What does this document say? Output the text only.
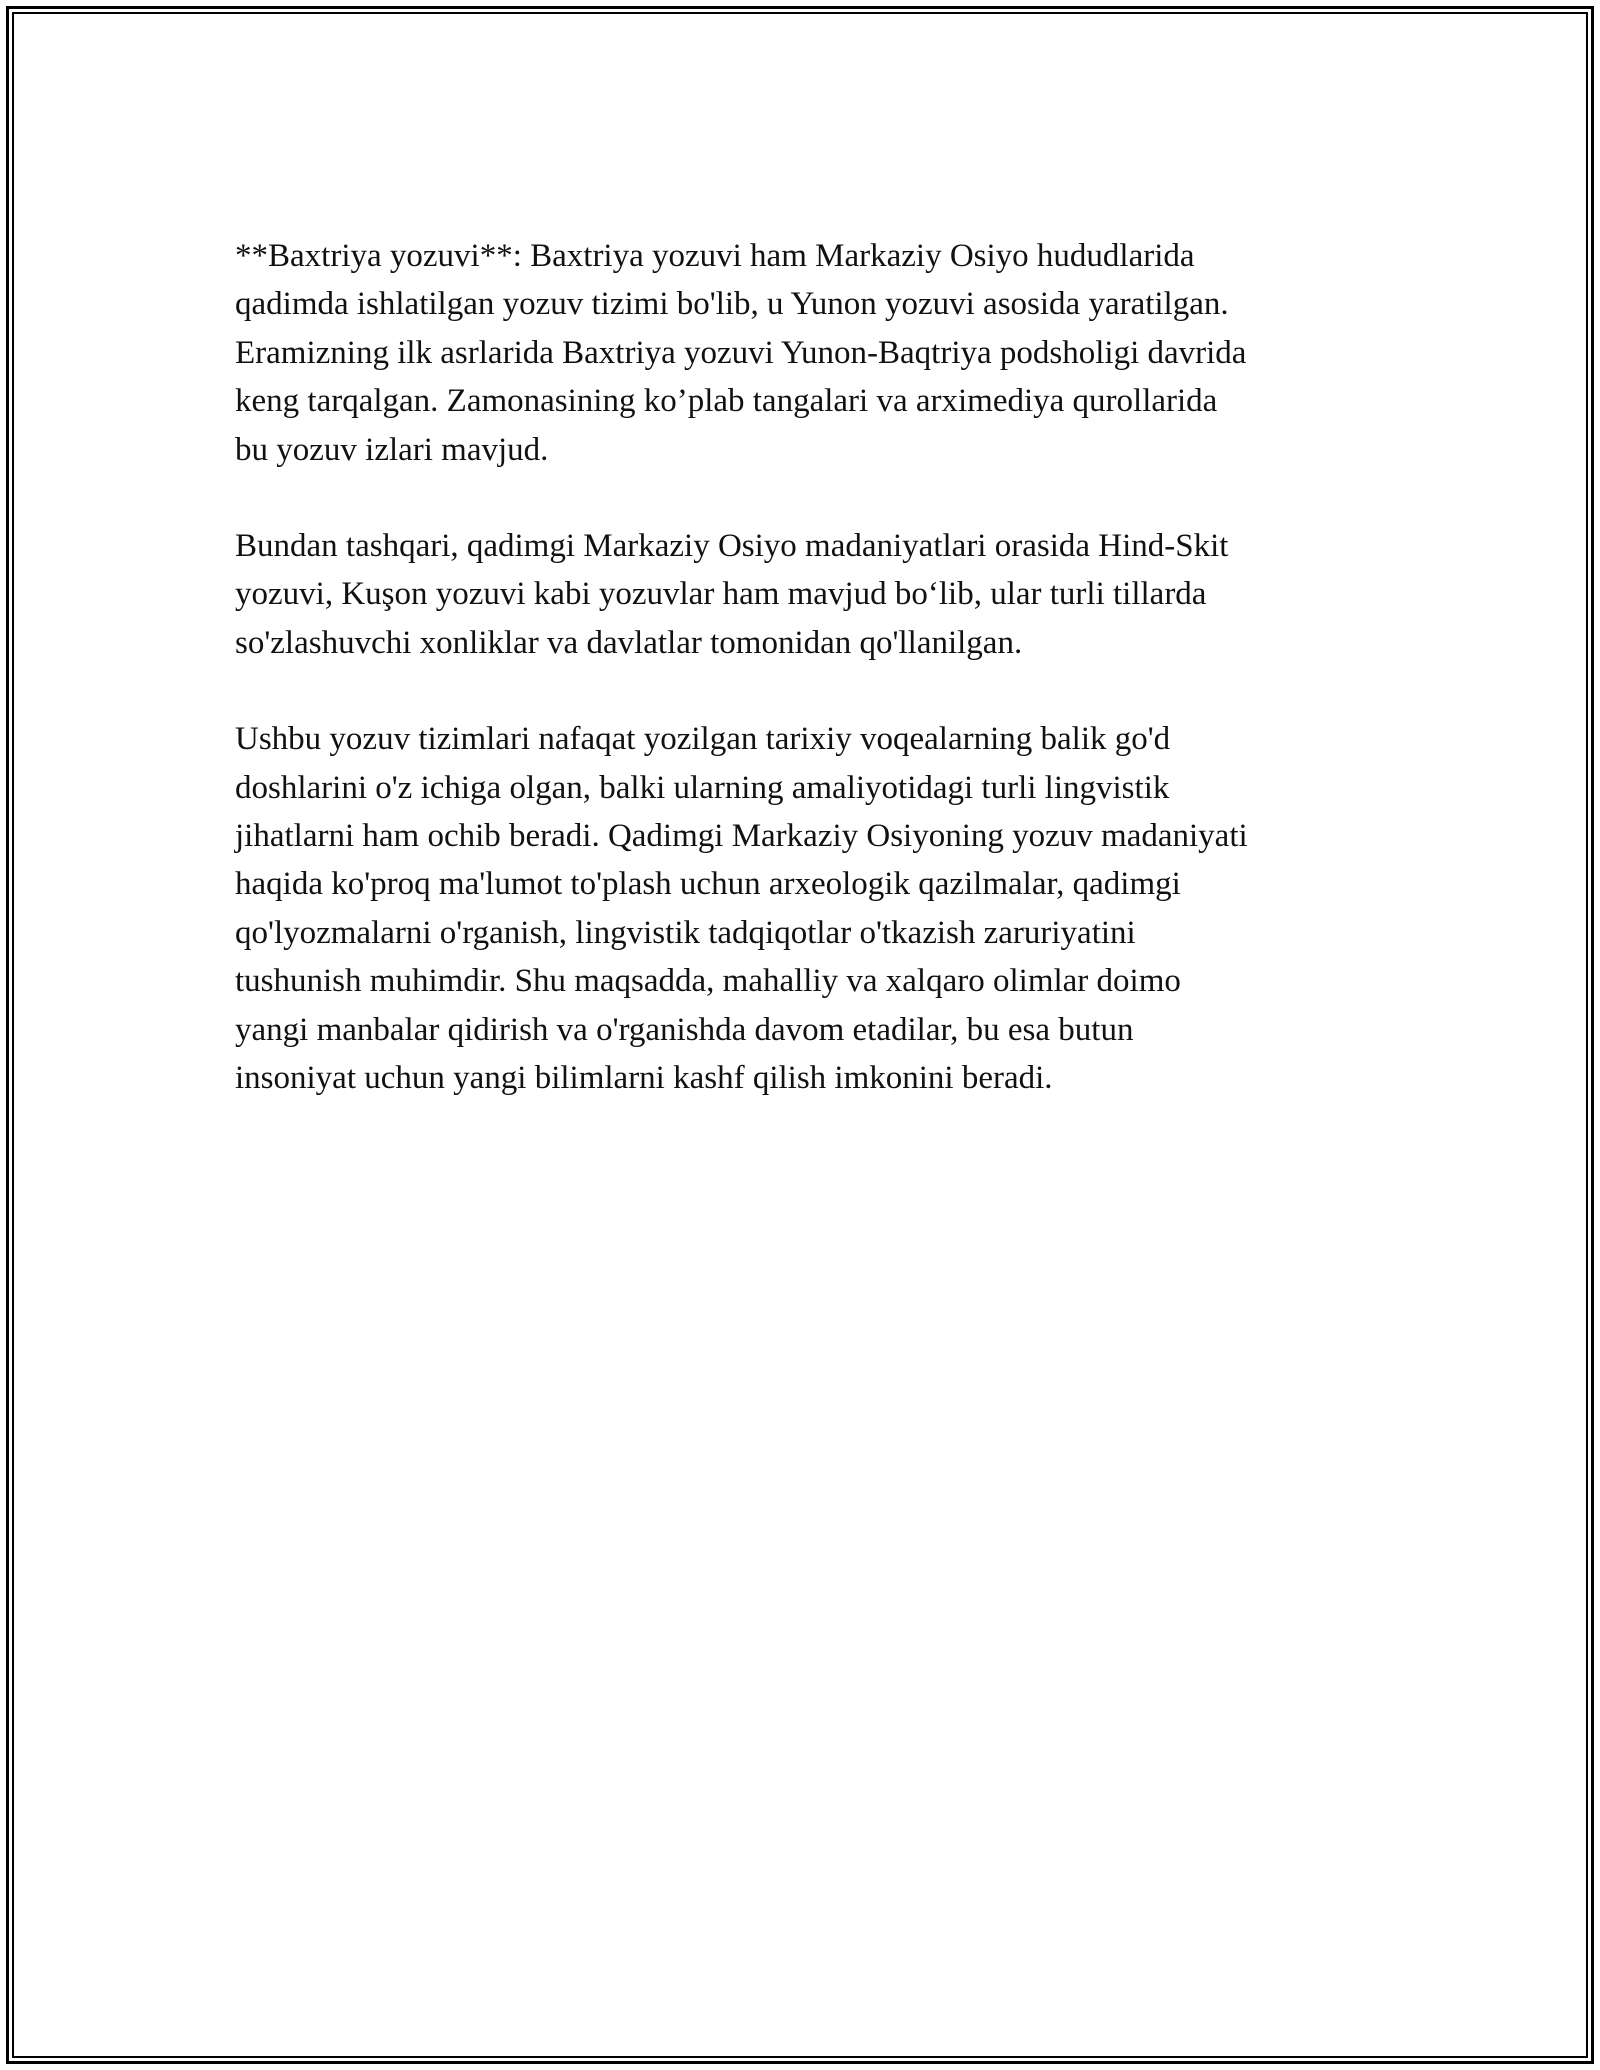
**Baxtriya yozuvi**: Baxtriya yozuvi ham Markaziy Osiyo hududlarida
qadimda ishlatilgan yozuv tizimi bo'lib, u Yunon yozuvi asosida yaratilgan.
Eramizning ilk asrlarida Baxtriya yozuvi Yunon-Baqtriya podsholigi davrida
keng tarqalgan. Zamonasining ko’plab tangalari va arximediya qurollarida
bu yozuv izlari mavjud.

Bundan tashqari, qadimgi Markaziy Osiyo madaniyatlari orasida Hind-Skit
yozuvi, Kuşon yozuvi kabi yozuvlar ham mavjud bo‘lib, ular turli tillarda
so'zlashuvchi xonliklar va davlatlar tomonidan qo'llanilgan.

Ushbu yozuv tizimlari nafaqat yozilgan tarixiy voqealarning balik go'd
doshlarini o'z ichiga olgan, balki ularning amaliyotidagi turli lingvistik
jihatlarni ham ochib beradi. Qadimgi Markaziy Osiyoning yozuv madaniyati
haqida ko'proq ma'lumot to'plash uchun arxeologik qazilmalar, qadimgi
qo'lyozmalarni o'rganish, lingvistik tadqiqotlar o'tkazish zaruriyatini
tushunish muhimdir. Shu maqsadda, mahalliy va xalqaro olimlar doimo
yangi manbalar qidirish va o'rganishda davom etadilar, bu esa butun
insoniyat uchun yangi bilimlarni kashf qilish imkonini beradi.
